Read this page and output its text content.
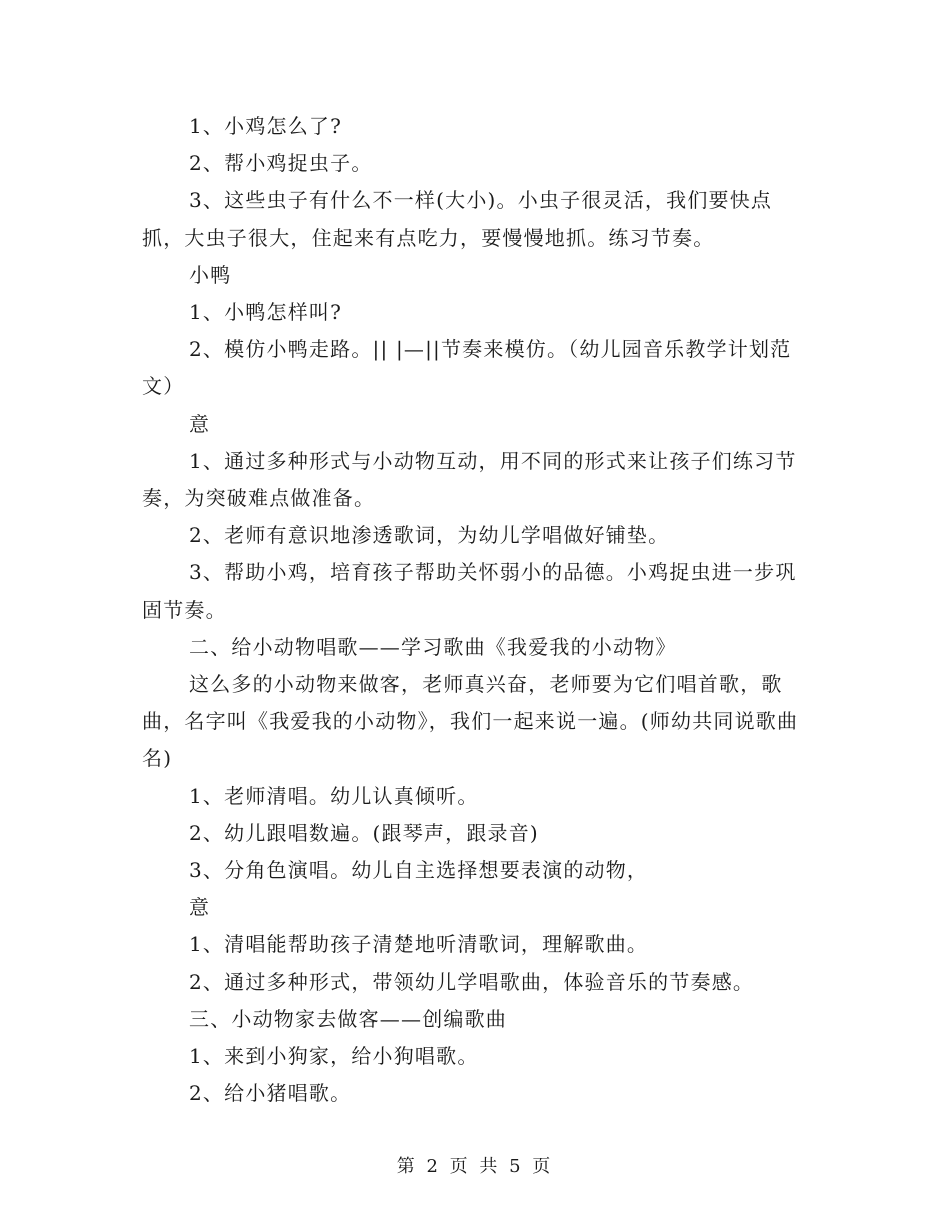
1、小鸡怎么了?

2、帮小鸡捉虫子。

3、这些虫子有什么不一样(大小)。小虫子很灵活，我们要快点抓，大虫子很大，住起来有点吃力，要慢慢地抓。练习节奏。

小鸭

1、小鸭怎样叫?

2、模仿小鸭走路。|| |—||节奏来模仿。（幼儿园音乐教学计划范文）

意

1、通过多种形式与小动物互动，用不同的形式来让孩子们练习节奏，为突破难点做准备。

2、老师有意识地渗透歌词，为幼儿学唱做好铺垫。

3、帮助小鸡，培育孩子帮助关怀弱小的品德。小鸡捉虫进一步巩固节奏。

二、给小动物唱歌——学习歌曲《我爱我的小动物》

这么多的小动物来做客，老师真兴奋，老师要为它们唱首歌，歌曲，名字叫《我爱我的小动物》，我们一起来说一遍。(师幼共同说歌曲名)

1、老师清唱。幼儿认真倾听。

2、幼儿跟唱数遍。(跟琴声，跟录音)

3、分角色演唱。幼儿自主选择想要表演的动物，

意

1、清唱能帮助孩子清楚地听清歌词，理解歌曲。

2、通过多种形式，带领幼儿学唱歌曲，体验音乐的节奏感。

三、小动物家去做客——创编歌曲

1、来到小狗家，给小狗唱歌。

2、给小猪唱歌。

第 2 页 共 5 页
